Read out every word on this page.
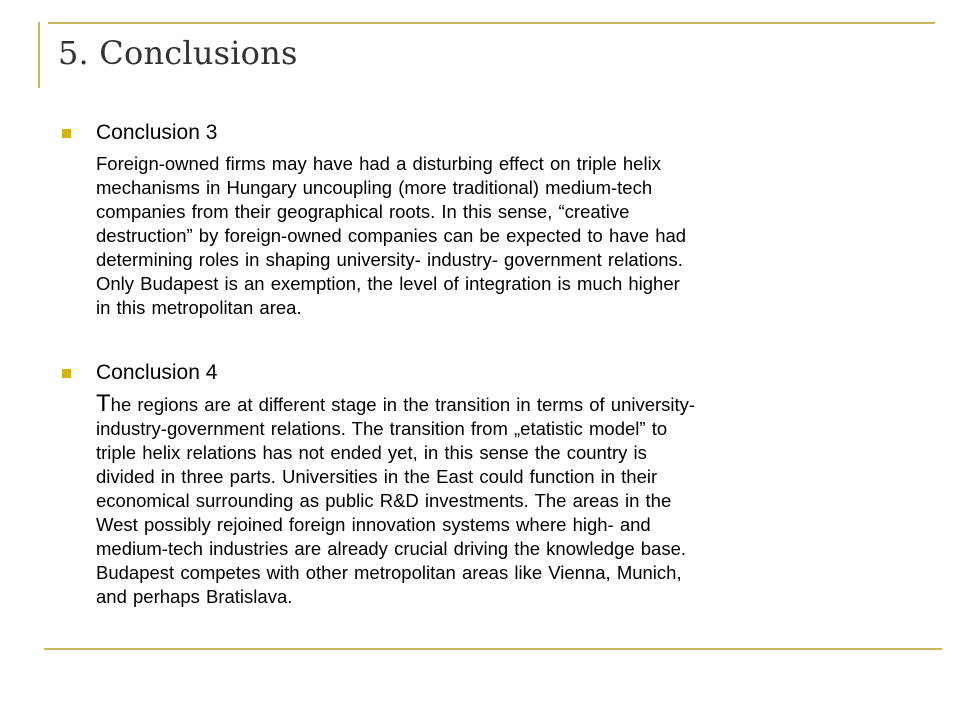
5. Conclusions
Conclusion 3
Foreign-owned firms may have had a disturbing effect on triple helix
mechanisms in Hungary uncoupling (more traditional) medium-tech
companies from their geographical roots. In this sense, “creative
destruction” by foreign-owned companies can be expected to have had
determining roles in shaping university- industry- government relations.
Only Budapest is an exemption, the level of integration is much higher
in this metropolitan area.
Conclusion 4
The regions are at different stage in the transition in terms of university-
industry-government relations. The transition from „etatistic model” to
triple helix relations has not ended yet, in this sense the country is
divided in three parts. Universities in the East could function in their
economical surrounding as public R&D investments. The areas in the
West possibly rejoined foreign innovation systems where high- and
medium-tech industries are already crucial driving the knowledge base.
Budapest competes with other metropolitan areas like Vienna, Munich,
and perhaps Bratislava.
